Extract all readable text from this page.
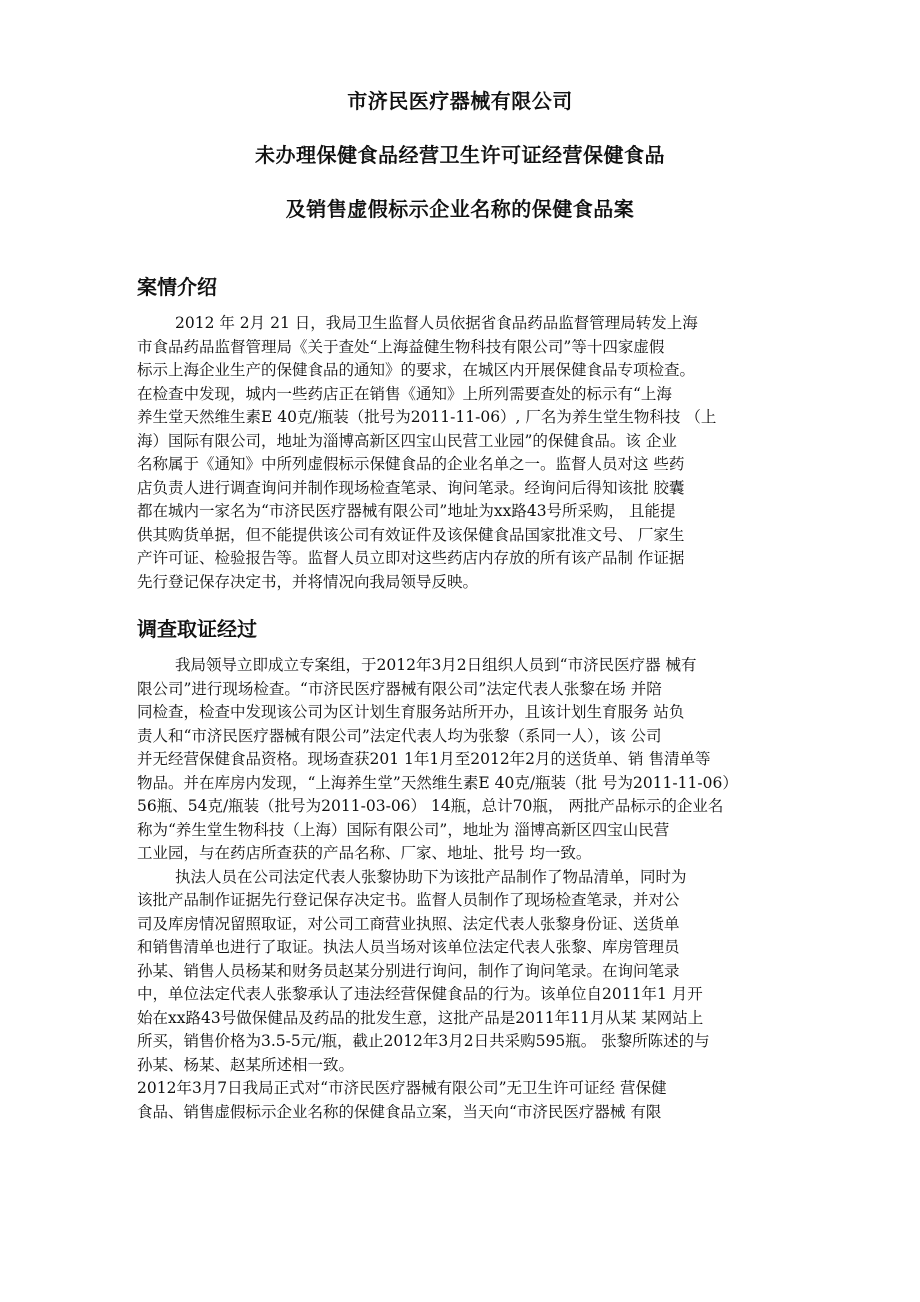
市济民医疗器械有限公司
未办理保健食品经营卫生许可证经营保健食品
及销售虚假标示企业名称的保健食品案
案情介绍
2012 年 2月 21 日，我局卫生监督人员依据省食品药品监督管理局转发上海
市食品药品监督管理局《关于查处“上海益健生物科技有限公司”等十四家虚假
标示上海企业生产的保健食品的通知》的要求，在城区内开展保健食品专项检查。
在检查中发现，城内一些药店正在销售《通知》上所列需要查处的标示有“上海
养生堂天然维生素E 40克/瓶装（批号为2011-11-06）, 厂名为养生堂生物科技 （上
海）国际有限公司，地址为淄博高新区四宝山民营工业园”的保健食品。该 企业
名称属于《通知》中所列虚假标示保健食品的企业名单之一。监督人员对这 些药
店负责人进行调查询问并制作现场检查笔录、询问笔录。经询问后得知该批 胶囊
都在城内一家名为“市济民医疗器械有限公司”地址为xx路43号所采购， 且能提
供其购货单据，但不能提供该公司有效证件及该保健食品国家批准文号、 厂家生
产许可证、检验报告等。监督人员立即对这些药店内存放的所有该产品制 作证据
先行登记保存决定书，并将情况向我局领导反映。
调查取证经过
我局领导立即成立专案组，于2012年3月2日组织人员到“市济民医疗器 械有
限公司”进行现场检查。“市济民医疗器械有限公司”法定代表人张黎在场 并陪
同检查，检查中发现该公司为区计划生育服务站所开办，且该计划生育服务 站负
责人和“市济民医疗器械有限公司”法定代表人均为张黎（系同一人），该 公司
并无经营保健食品资格。现场查获201 1年1月至2012年2月的送货单、销 售清单等
物品。并在库房内发现，“上海养生堂”天然维生素E 40克/瓶装（批 号为2011-11-06）
56瓶、54克/瓶装（批号为2011-03-06） 14瓶，总计70瓶， 两批产品标示的企业名
称为“养生堂生物科技（上海）国际有限公司”，地址为 淄博高新区四宝山民营
工业园，与在药店所查获的产品名称、厂家、地址、批号 均一致。
执法人员在公司法定代表人张黎协助下为该批产品制作了物品清单，同时为
该批产品制作证据先行登记保存决定书。监督人员制作了现场检查笔录，并对公
司及库房情况留照取证，对公司工商营业执照、法定代表人张黎身份证、送货单
和销售清单也进行了取证。执法人员当场对该单位法定代表人张黎、库房管理员
孙某、销售人员杨某和财务员赵某分别进行询问，制作了询问笔录。在询问笔录
中，单位法定代表人张黎承认了违法经营保健食品的行为。该单位自2011年1 月开
始在xx路43号做保健品及药品的批发生意，这批产品是2011年11月从某 某网站上
所买，销售价格为3.5-5元/瓶，截止2012年3月2日共采购595瓶。 张黎所陈述的与
孙某、杨某、赵某所述相一致。
2012年3月7日我局正式对“市济民医疗器械有限公司”无卫生许可证经 营保健
食品、销售虚假标示企业名称的保健食品立案，当天向“市济民医疗器械 有限
